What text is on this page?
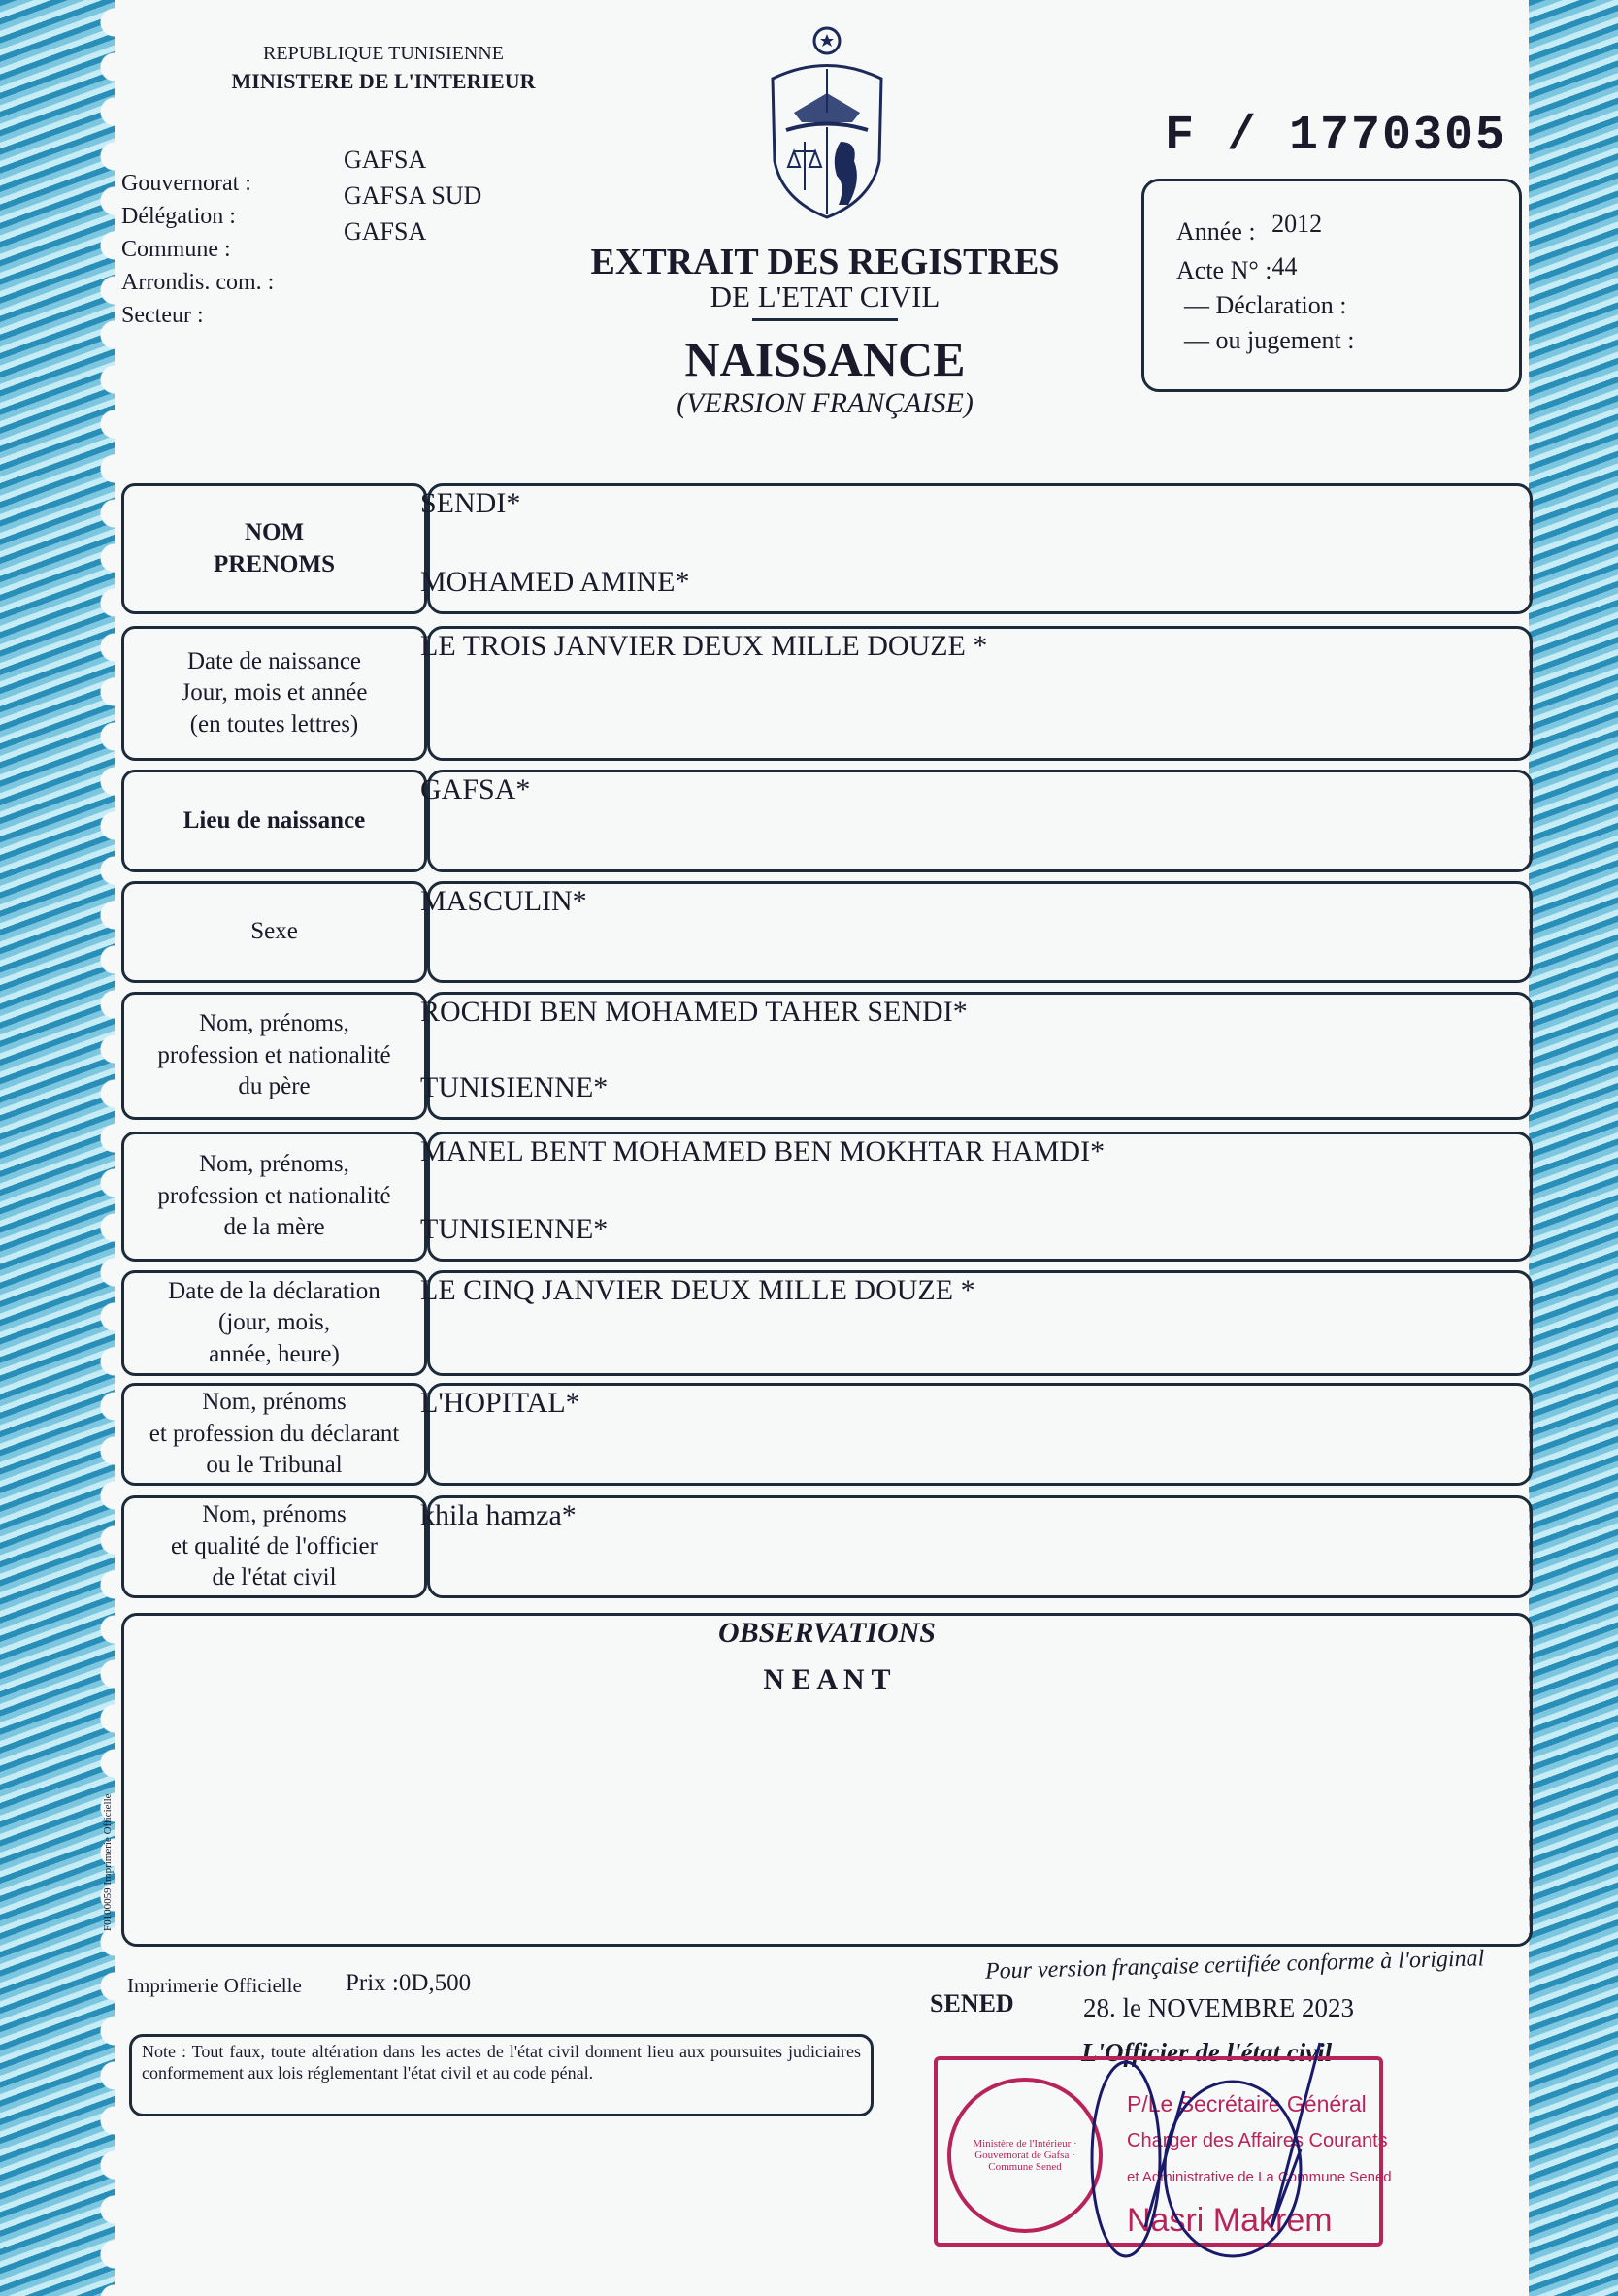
REPUBLIQUE TUNISIENNE
MINISTERE DE L'INTERIEUR
Gouvernorat :
Délégation :
Commune :
Arrondis. com. :
Secteur :
GAFSA
GAFSA SUD
GAFSA
F / 1770305
Année : 2012
Acte N° :44
— Déclaration :
— ou jugement :
EXTRAIT DES REGISTRES
DE L'ETAT CIVIL
NAISSANCE
(VERSION FRANÇAISE)
NOM
PRENOMS
SENDI*
MOHAMED AMINE*
Date de naissance
Jour, mois et année
(en toutes lettres)
LE TROIS JANVIER DEUX MILLE DOUZE *
Lieu de naissance
GAFSA*
Sexe
MASCULIN*
Nom, prénoms,
profession et nationalité
du père
ROCHDI BEN MOHAMED TAHER SENDI*
TUNISIENNE*
Nom, prénoms,
profession et nationalité
de la mère
MANEL BENT MOHAMED BEN MOKHTAR HAMDI*
TUNISIENNE*
Date de la déclaration
(jour, mois,
année, heure)
LE CINQ JANVIER DEUX MILLE DOUZE *
Nom, prénoms
et profession du déclarant
ou le Tribunal
L'HOPITAL*
Nom, prénoms
et qualité de l'officier
de l'état civil
khila hamza*
OBSERVATIONS
N E A N T
F0100059 Imprimerie Officielle
Imprimerie Officielle Prix :0D,500	Pour version française certifiée conforme à l'original
SENED	28. le NOVEMBRE 2023
L'Officier de l'état civil
Note : Tout faux, toute altération dans les actes de l'état civil donnent lieu aux poursuites judiciaires conformement aux lois réglementant l'état civil et au code pénal.
Ministère de l'Intérieur · Gouvernorat de Gafsa · Commune Sened
P/Le Secrétaire Général
Charger des Affaires Courants
et Administrative de La Commune Sened
Nasri Makrem
